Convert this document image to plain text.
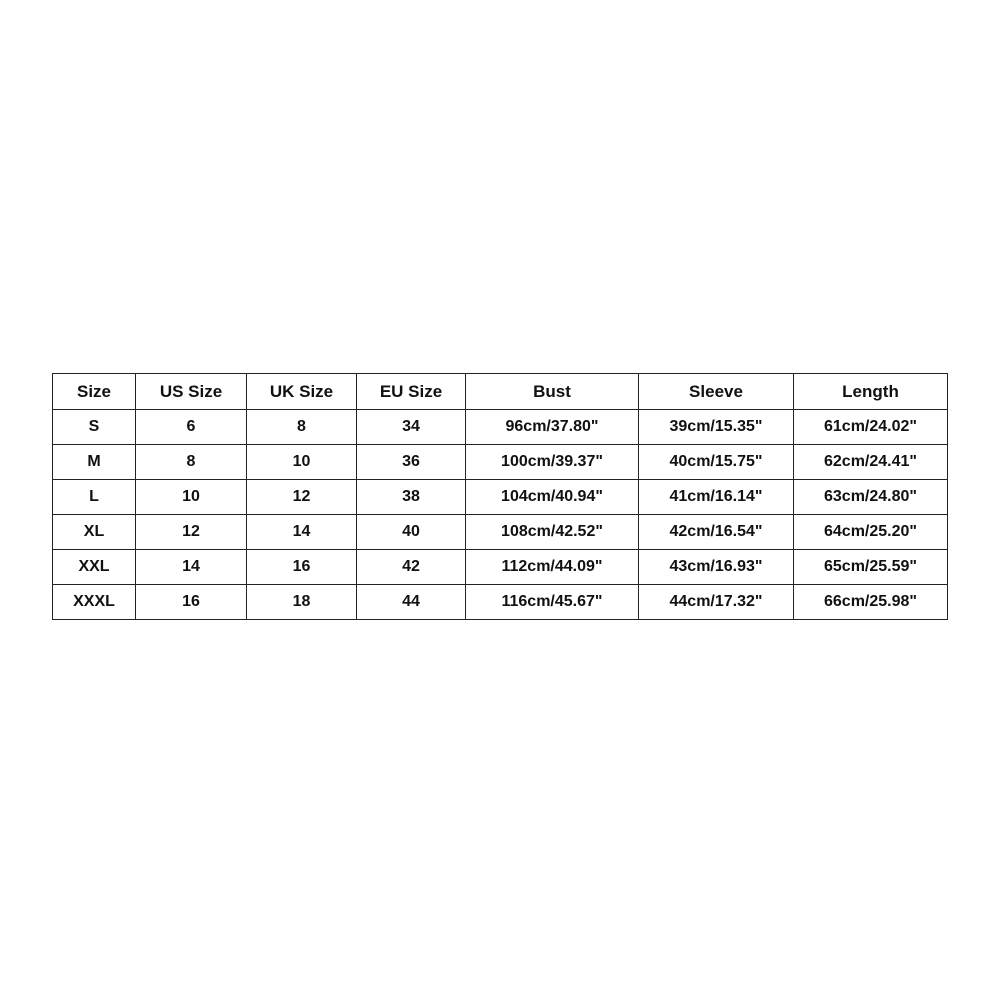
Size	US Size	UK Size	EU Size	Bust	Sleeve	Length
S	6	8	34	96cm/37.80"	39cm/15.35"	61cm/24.02"
M	8	10	36	100cm/39.37"	40cm/15.75"	62cm/24.41"
L	10	12	38	104cm/40.94"	41cm/16.14"	63cm/24.80"
XL	12	14	40	108cm/42.52"	42cm/16.54"	64cm/25.20"
XXL	14	16	42	112cm/44.09"	43cm/16.93"	65cm/25.59"
XXXL	16	18	44	116cm/45.67"	44cm/17.32"	66cm/25.98"
